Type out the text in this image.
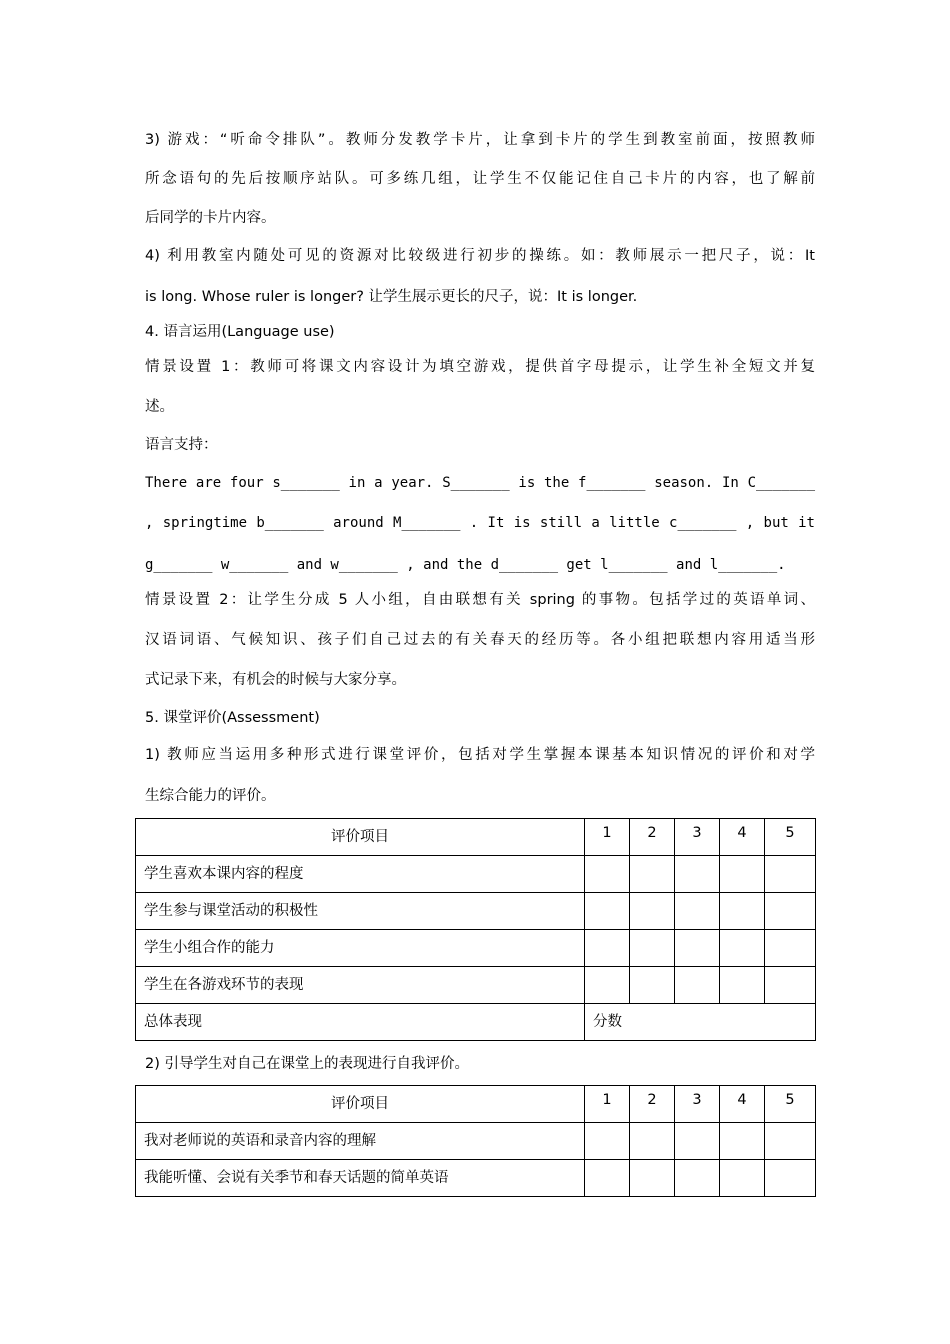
3) 游戏：“听命令排队”。教师分发教学卡片，让拿到卡片的学生到教室前面，按照教师
所念语句的先后按顺序站队。可多练几组，让学生不仅能记住自己卡片的内容，也了解前
后同学的卡片内容。
4) 利用教室内随处可见的资源对比较级进行初步的操练。如：教师展示一把尺子，说：It
is long. Whose ruler is longer? 让学生展示更长的尺子，说：It is longer.
4. 语言运用(Language use)
情景设置 1：教师可将课文内容设计为填空游戏，提供首字母提示，让学生补全短文并复
述。
语言支持：
There are four s_______ in a year. S_______ is the f_______ season. In C_______
, springtime b_______ around M_______ . It is still a little c_______ , but it
g_______ w_______ and w_______ , and the d_______ get l_______ and l_______.
情景设置 2：让学生分成 5 人小组，自由联想有关 spring 的事物。包括学过的英语单词、
汉语词语、气候知识、孩子们自己过去的有关春天的经历等。各小组把联想内容用适当形
式记录下来，有机会的时候与大家分享。
5. 课堂评价(Assessment)
1) 教师应当运用多种形式进行课堂评价，包括对学生掌握本课基本知识情况的评价和对学
生综合能力的评价。
评价项目	1	2	3	4	5
学生喜欢本课内容的程度					
学生参与课堂活动的积极性					
学生小组合作的能力					
学生在各游戏环节的表现					
总体表现	分数				
2) 引导学生对自己在课堂上的表现进行自我评价。
评价项目	1	2	3	4	5
我对老师说的英语和录音内容的理解					
我能听懂、会说有关季节和春天话题的简单英语					
